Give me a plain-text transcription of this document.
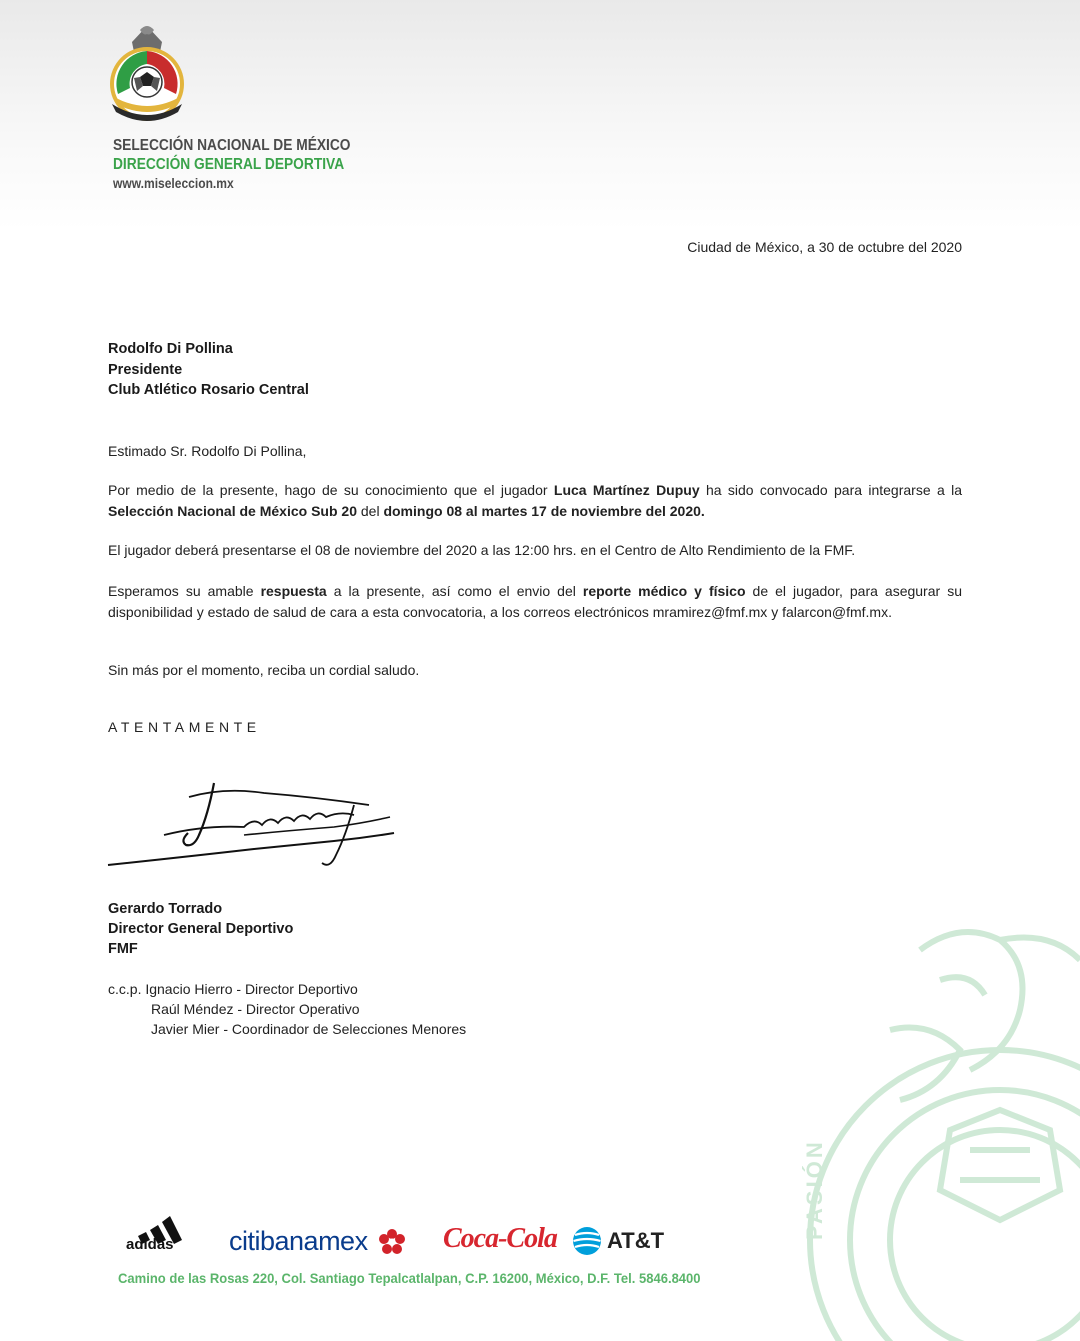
SELECCIÓN NACIONAL DE MÉXICO
DIRECCIÓN GENERAL DEPORTIVA
www.miseleccion.mx
Ciudad de México, a 30 de octubre del 2020
Rodolfo Di Pollina
Presidente
Club Atlético Rosario Central
Estimado Sr. Rodolfo Di Pollina,
Por medio de la presente, hago de su conocimiento que el jugador Luca Martínez Dupuy ha sido convocado para integrarse a la Selección Nacional de México Sub 20 del domingo 08 al martes 17 de noviembre del 2020.
El jugador deberá presentarse el 08 de noviembre del 2020 a las 12:00 hrs. en el Centro de Alto Rendimiento de la FMF.
Esperamos su amable respuesta a la presente, así como el envio del reporte médico y físico de el jugador, para asegurar su disponibilidad y estado de salud de cara a esta convocatoria, a los correos electrónicos mramirez@fmf.mx y falarcon@fmf.mx.
Sin más por el momento, reciba un cordial saludo.
ATENTAMENTE
Gerardo Torrado
Director General Deportivo
FMF
c.c.p. Ignacio Hierro - Director Deportivo
Raúl Méndez - Director Operativo
Javier Mier - Coordinador de Selecciones Menores
PASIÓN
adidas citibanamex	Coca-Cola AT&T
Camino de las Rosas 220, Col. Santiago Tepalcatlalpan, C.P. 16200, México, D.F. Tel. 5846.8400
